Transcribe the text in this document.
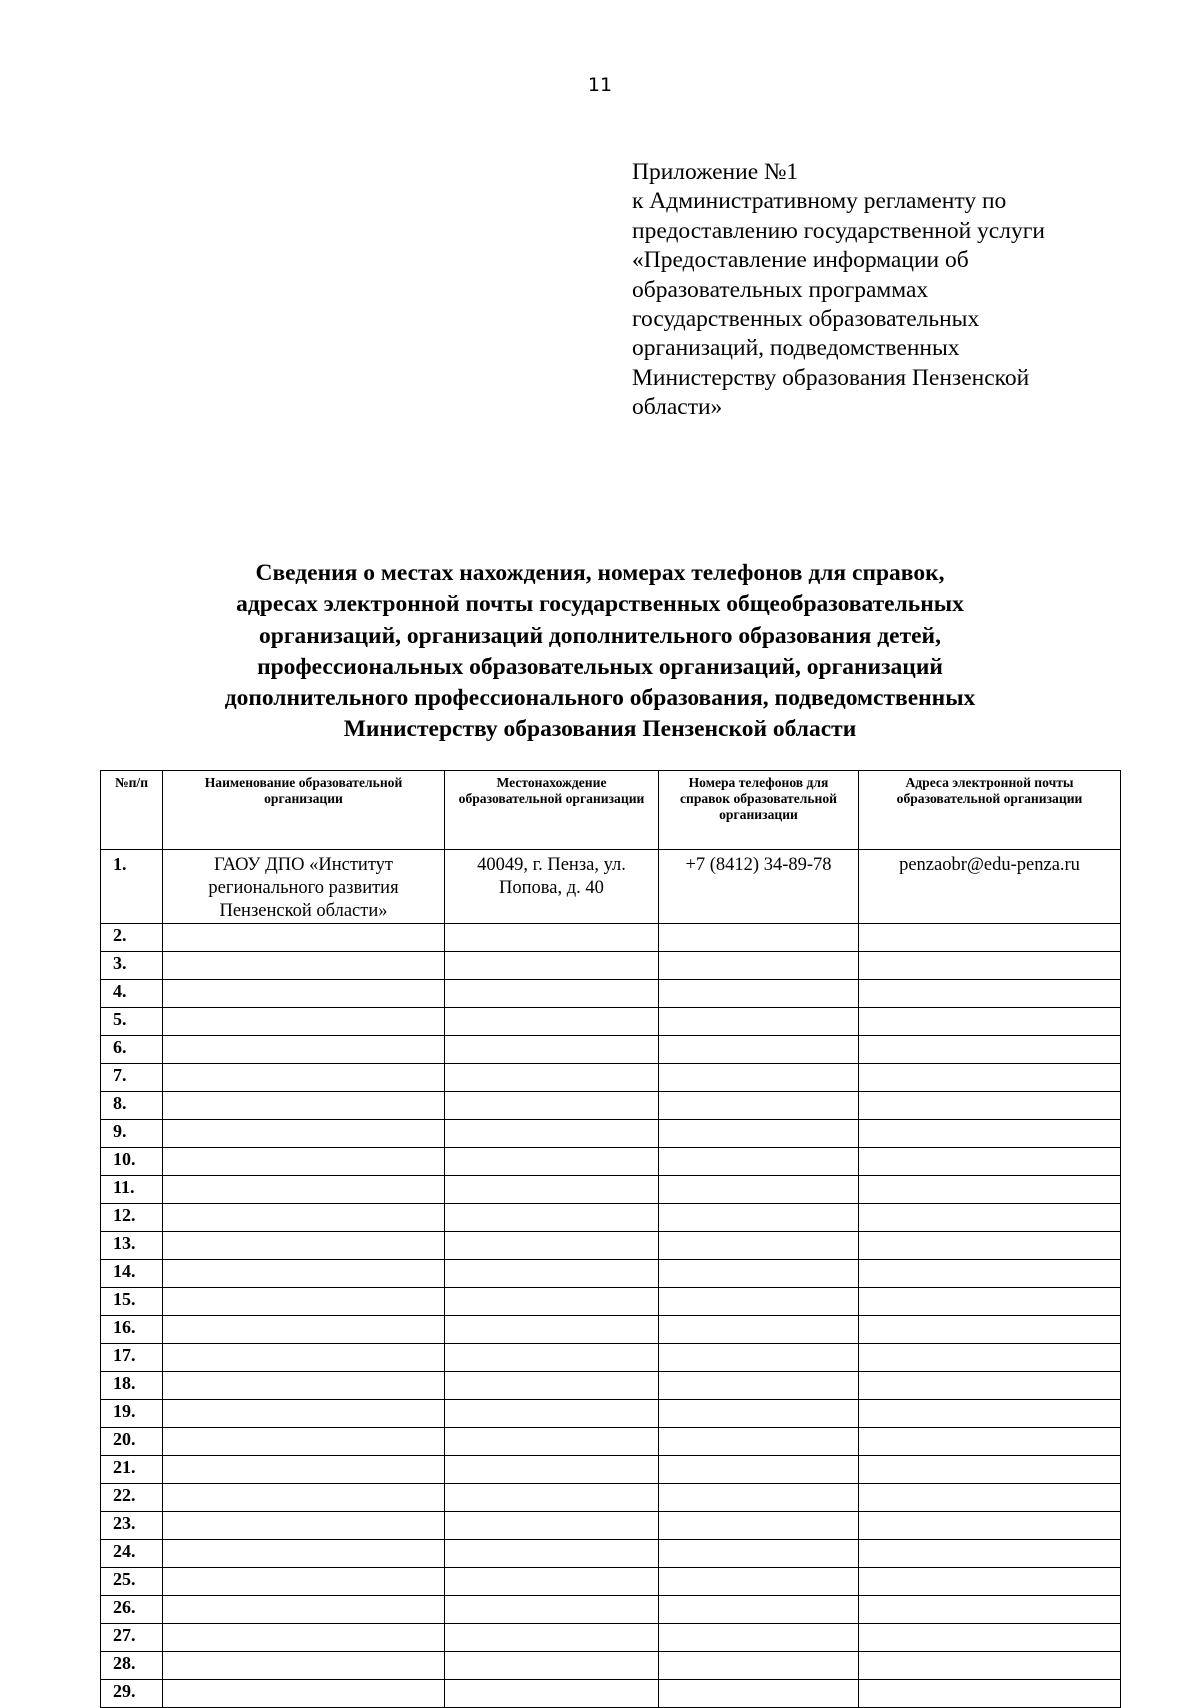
11
Приложение №1
к Административному регламенту по
предоставлению государственной услуги
«Предоставление информации об
образовательных программах
государственных образовательных
организаций, подведомственных
Министерству образования Пензенской
области»
Сведения о местах нахождения, номерах телефонов для справок,
адресах электронной почты государственных общеобразовательных
организаций, организаций дополнительного образования детей,
профессиональных образовательных организаций, организаций
дополнительного профессионального образования, подведомственных
Министерству образования Пензенской области
№п/п	Наименование образовательной организации	Местонахождение образовательной организации	Номера телефонов для справок образовательной организации	Адреса электронной почты образовательной организации
1.	ГАОУ ДПО «Институт регионального развития Пензенской области»	40049, г. Пенза, ул. Попова, д. 40	+7 (8412) 34-89-78	penzaobr@edu-penza.ru
2.				
3.				
4.				
5.				
6.				
7.				
8.				
9.				
10.				
11.				
12.				
13.				
14.				
15.				
16.				
17.				
18.				
19.				
20.				
21.				
22.				
23.				
24.				
25.				
26.				
27.				
28.				
29.				
